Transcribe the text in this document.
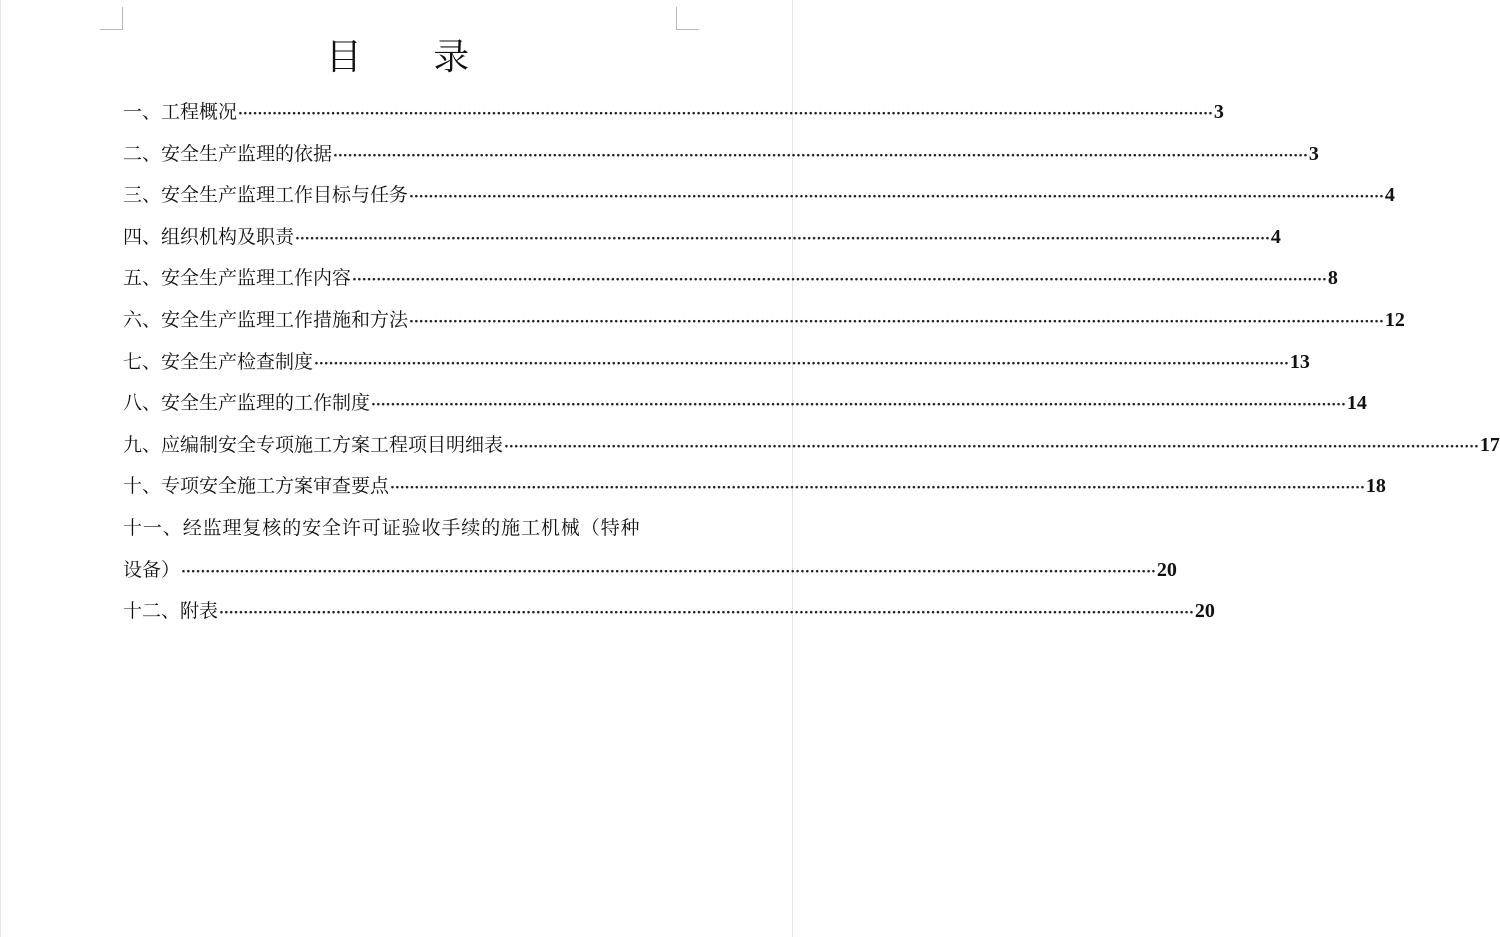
目 录
一、工程概况 ········································································································································································································ 3
二、安全生产监理的依据 ········································································································································································································ 3
三、安全生产监理工作目标与任务 ········································································································································································································ 4
四、组织机构及职责 ········································································································································································································ 4
五、安全生产监理工作内容 ········································································································································································································ 8
六、安全生产监理工作措施和方法 ········································································································································································································ 12
七、安全生产检查制度 ········································································································································································································ 13
八、安全生产监理的工作制度 ········································································································································································································ 14
九、应编制安全专项施工方案工程项目明细表 ········································································································································································································ 17
十、专项安全施工方案审查要点 ········································································································································································································ 18
十一、经监理复核的安全许可证验收手续的施工机械（特种
设备） ········································································································································································································ 20
十二、附表 ········································································································································································································ 20
